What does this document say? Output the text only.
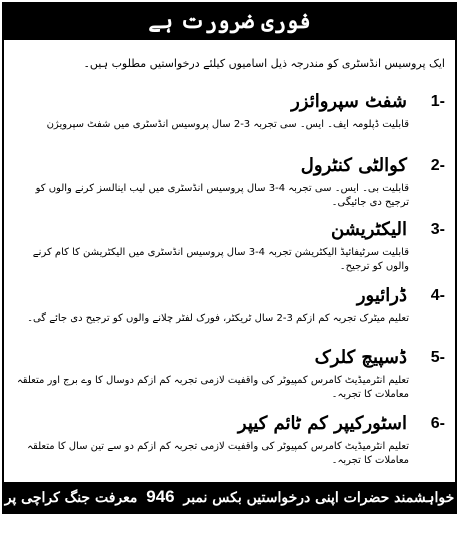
فوری ضرورت ہے
ایک پروسیس انڈسٹری کو مندرجہ ذیل اسامیوں کیلئے درخواستیں مطلوب ہیں۔
1-
شفٹ سپروائزر
قابلیت ڈپلومہ ایف۔ ایس۔ سی تجربہ 3-2 سال پروسیس انڈسٹری میں شفٹ سپرویژن
2-
کوالٹی کنٹرول
قابلیت بی۔ ایس۔ سی تجربہ 4-3 سال پروسیس انڈسٹری میں لیب اینالسز کرنے والوں کو ترجیح دی جائیگی۔
3-
الیکٹریشن
قابلیت سرٹیفائیڈ الیکٹریشن تجربہ 4-3 سال پروسیس انڈسٹری میں الیکٹریشن کا کام کرنے والوں کو ترجیح۔
4-
ڈرائیور
تعلیم میٹرک تجربہ کم ازکم 3-2 سال ٹریکٹر، فورک لفٹر چلانے والوں کو ترجیح دی جائے گی۔
5-
ڈسپیچ کلرک
تعلیم انٹرمیڈیٹ کامرس کمپیوٹر کی واقفیت لازمی تجربہ کم ازکم دوسال کا وے برج اور متعلقہ معاملات کا تجربہ۔
6-
اسٹورکیپر کم ٹائم کیپر
تعلیم انٹرمیڈیٹ کامرس کمپیوٹر کی واقفیت لازمی تجربہ کم ازکم دو سے تین سال کا متعلقہ معاملات کا تجربہ۔
خواہشمند حضرات اپنی درخواستیں بکس نمبر 946 معرفت جنگ کراچی پر بھیج دیں
